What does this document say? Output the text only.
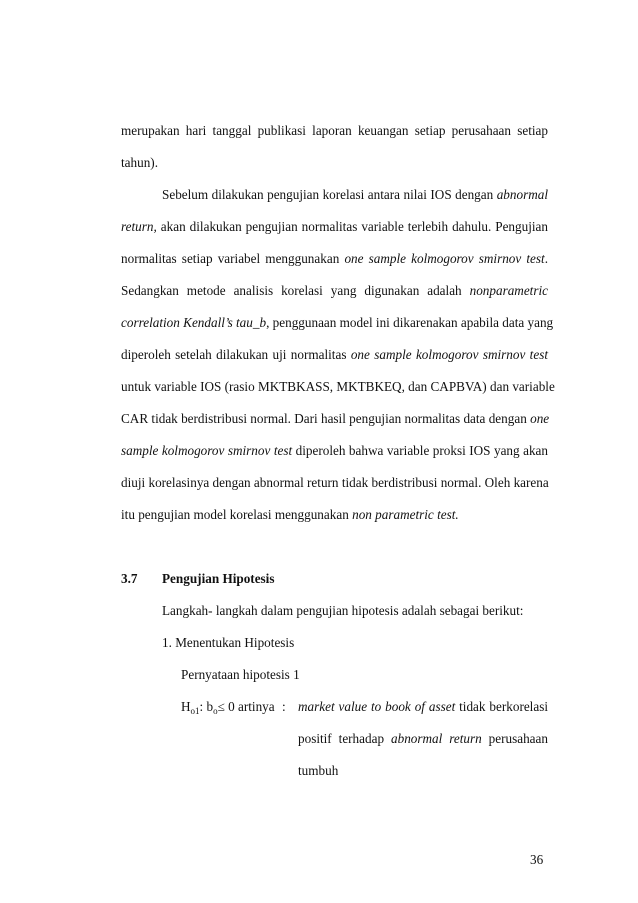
merupakan hari tanggal publikasi laporan keuangan setiap perusahaan setiap
tahun).
Sebelum dilakukan pengujian korelasi antara nilai IOS dengan abnormal
return, akan dilakukan pengujian normalitas variable terlebih dahulu. Pengujian
normalitas setiap variabel menggunakan one sample kolmogorov smirnov test.
Sedangkan metode analisis korelasi yang digunakan adalah nonparametric
correlation Kendall’s tau_b, penggunaan model ini dikarenakan apabila data yang
diperoleh setelah dilakukan uji normalitas one sample kolmogorov smirnov test
untuk variable IOS (rasio MKTBKASS, MKTBKEQ, dan CAPBVA) dan variable
CAR tidak berdistribusi normal. Dari hasil pengujian normalitas data dengan one
sample kolmogorov smirnov test diperoleh bahwa variable proksi IOS yang akan
diuji korelasinya dengan abnormal return tidak berdistribusi normal. Oleh karena
itu pengujian model korelasi menggunakan non parametric test.
3.7 Pengujian Hipotesis
Langkah- langkah dalam pengujian hipotesis adalah sebagai berikut:
1. Menentukan Hipotesis
Pernyataan hipotesis 1
$H_{o1}$: $b_o\le 0$ artinya : market value to book of asset tidak berkorelasi
positif terhadap abnormal return perusahaan
tumbuh
36
